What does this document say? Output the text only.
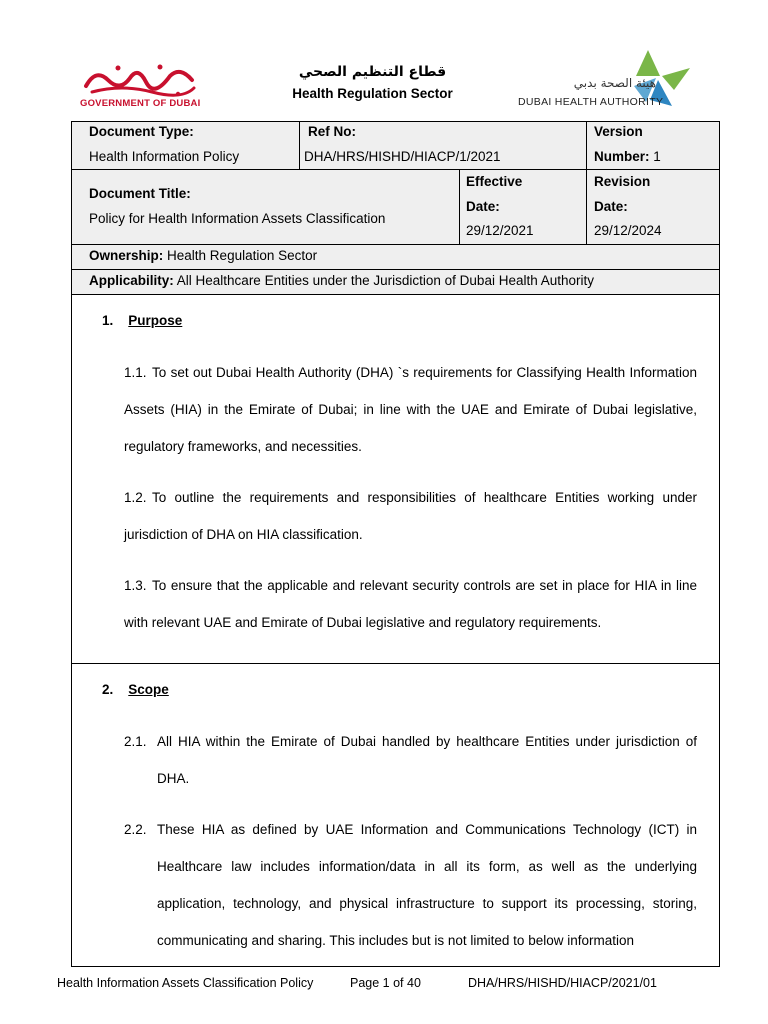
GOVERNMENT OF DUBAI
قطاع التنظيم الصحي
Health Regulation Sector
هيئة الصحة بدبي
DUBAI HEALTH AUTHORITY
Document Type:
Health Information Policy
Ref No:
DHA/HRS/HISHD/HIACP/1/2021
Version
Number: 1
Document Title:
Policy for Health Information Assets Classification
Effective
Date:
29/12/2021
Revision
Date:
29/12/2024
Ownership: Health Regulation Sector
Applicability: All Healthcare Entities under the Jurisdiction of Dubai Health Authority
1. Purpose
1.1. To set out Dubai Health Authority (DHA) `s requirements for Classifying Health Information Assets (HIA) in the Emirate of Dubai; in line with the UAE and Emirate of Dubai legislative, regulatory frameworks, and necessities.
1.2. To outline the requirements and responsibilities of healthcare Entities working under jurisdiction of DHA on HIA classification.
1.3. To ensure that the applicable and relevant security controls are set in place for HIA in line with relevant UAE and Emirate of Dubai legislative and regulatory requirements.
2. Scope
2.1. All HIA within the Emirate of Dubai handled by healthcare Entities under jurisdiction of DHA.
2.2. These HIA as defined by UAE Information and Communications Technology (ICT) in Healthcare law includes information/data in all its form, as well as the underlying application, technology, and physical infrastructure to support its processing, storing, communicating and sharing. This includes but is not limited to below information
Health Information Assets Classification Policy	Page 1 of 40	DHA/HRS/HISHD/HIACP/2021/01
